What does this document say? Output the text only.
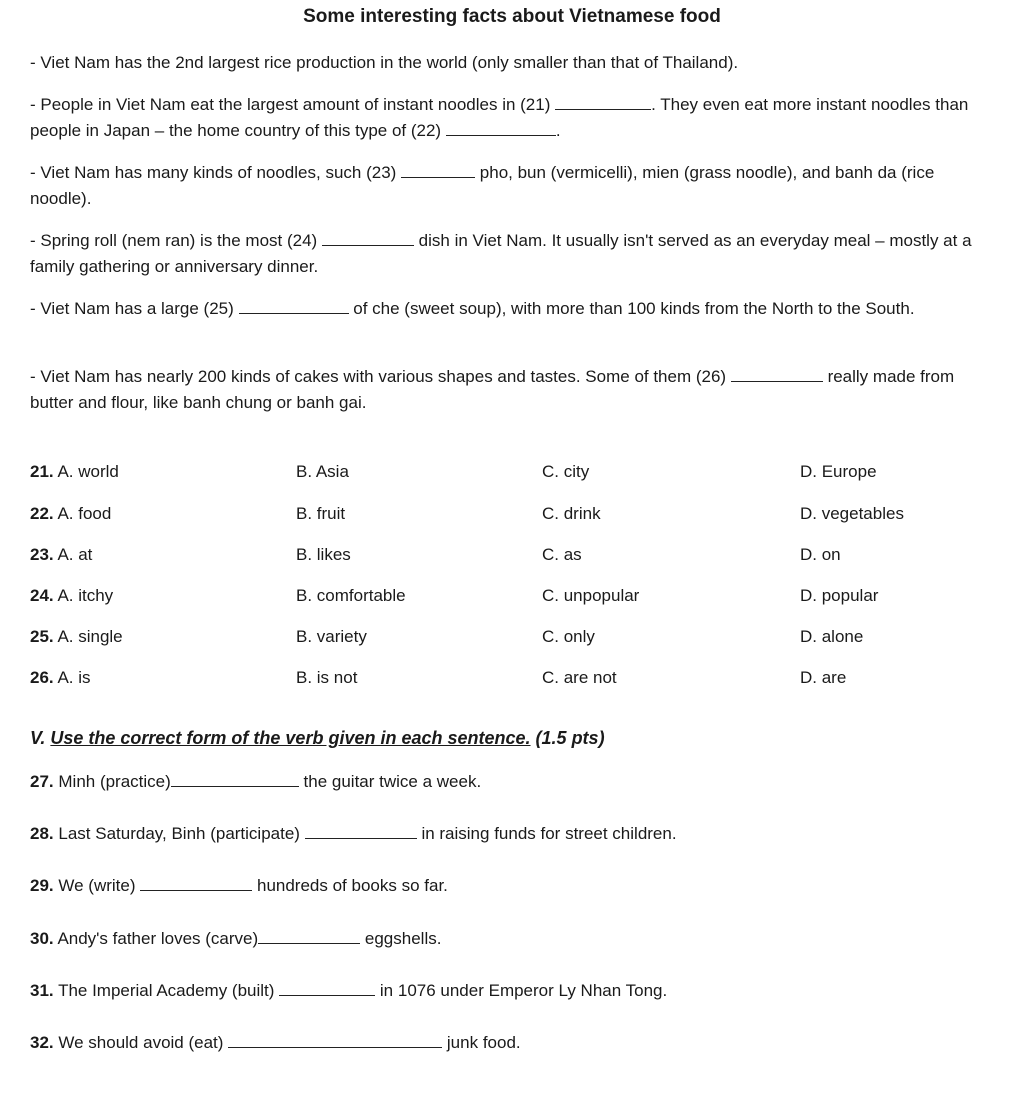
Some interesting facts about Vietnamese food
- Viet Nam has the 2nd largest rice production in the world (only smaller than that of Thailand).
- People in Viet Nam eat the largest amount of instant noodles in (21)	. They even eat more instant noodles than people in Japan – the home country of this type of (22)	.
- Viet Nam has many kinds of noodles, such (23)	pho, bun (vermicelli), mien (grass noodle), and banh da (rice noodle).
- Spring roll (nem ran) is the most (24)	dish in Viet Nam. It usually isn't served as an everyday meal – mostly at a family gathering or anniversary dinner.
- Viet Nam has a large (25)	of che (sweet soup), with more than 100 kinds from the North to the South.
- Viet Nam has nearly 200 kinds of cakes with various shapes and tastes. Some of them (26)	really made from butter and flour, like banh chung or banh gai.
21. A. world	B. Asia	C. city	D. Europe
22. A. food	B. fruit	C. drink	D. vegetables
23. A. at	B. likes	C. as	D. on
24. A. itchy	B. comfortable	C. unpopular	D. popular
25. A. single	B. variety	C. only	D. alone
26. A. is	B. is not	C. are not	D. are
V. Use the correct form of the verb given in each sentence. (1.5 pts)
27. Minh (practice)	the guitar twice a week.
28. Last Saturday, Binh (participate)	in raising funds for street children.
29. We (write)	hundreds of books so far.
30. Andy's father loves (carve)	eggshells.
31. The Imperial Academy (built)	in 1076 under Emperor Ly Nhan Tong.
32. We should avoid (eat)	junk food.
